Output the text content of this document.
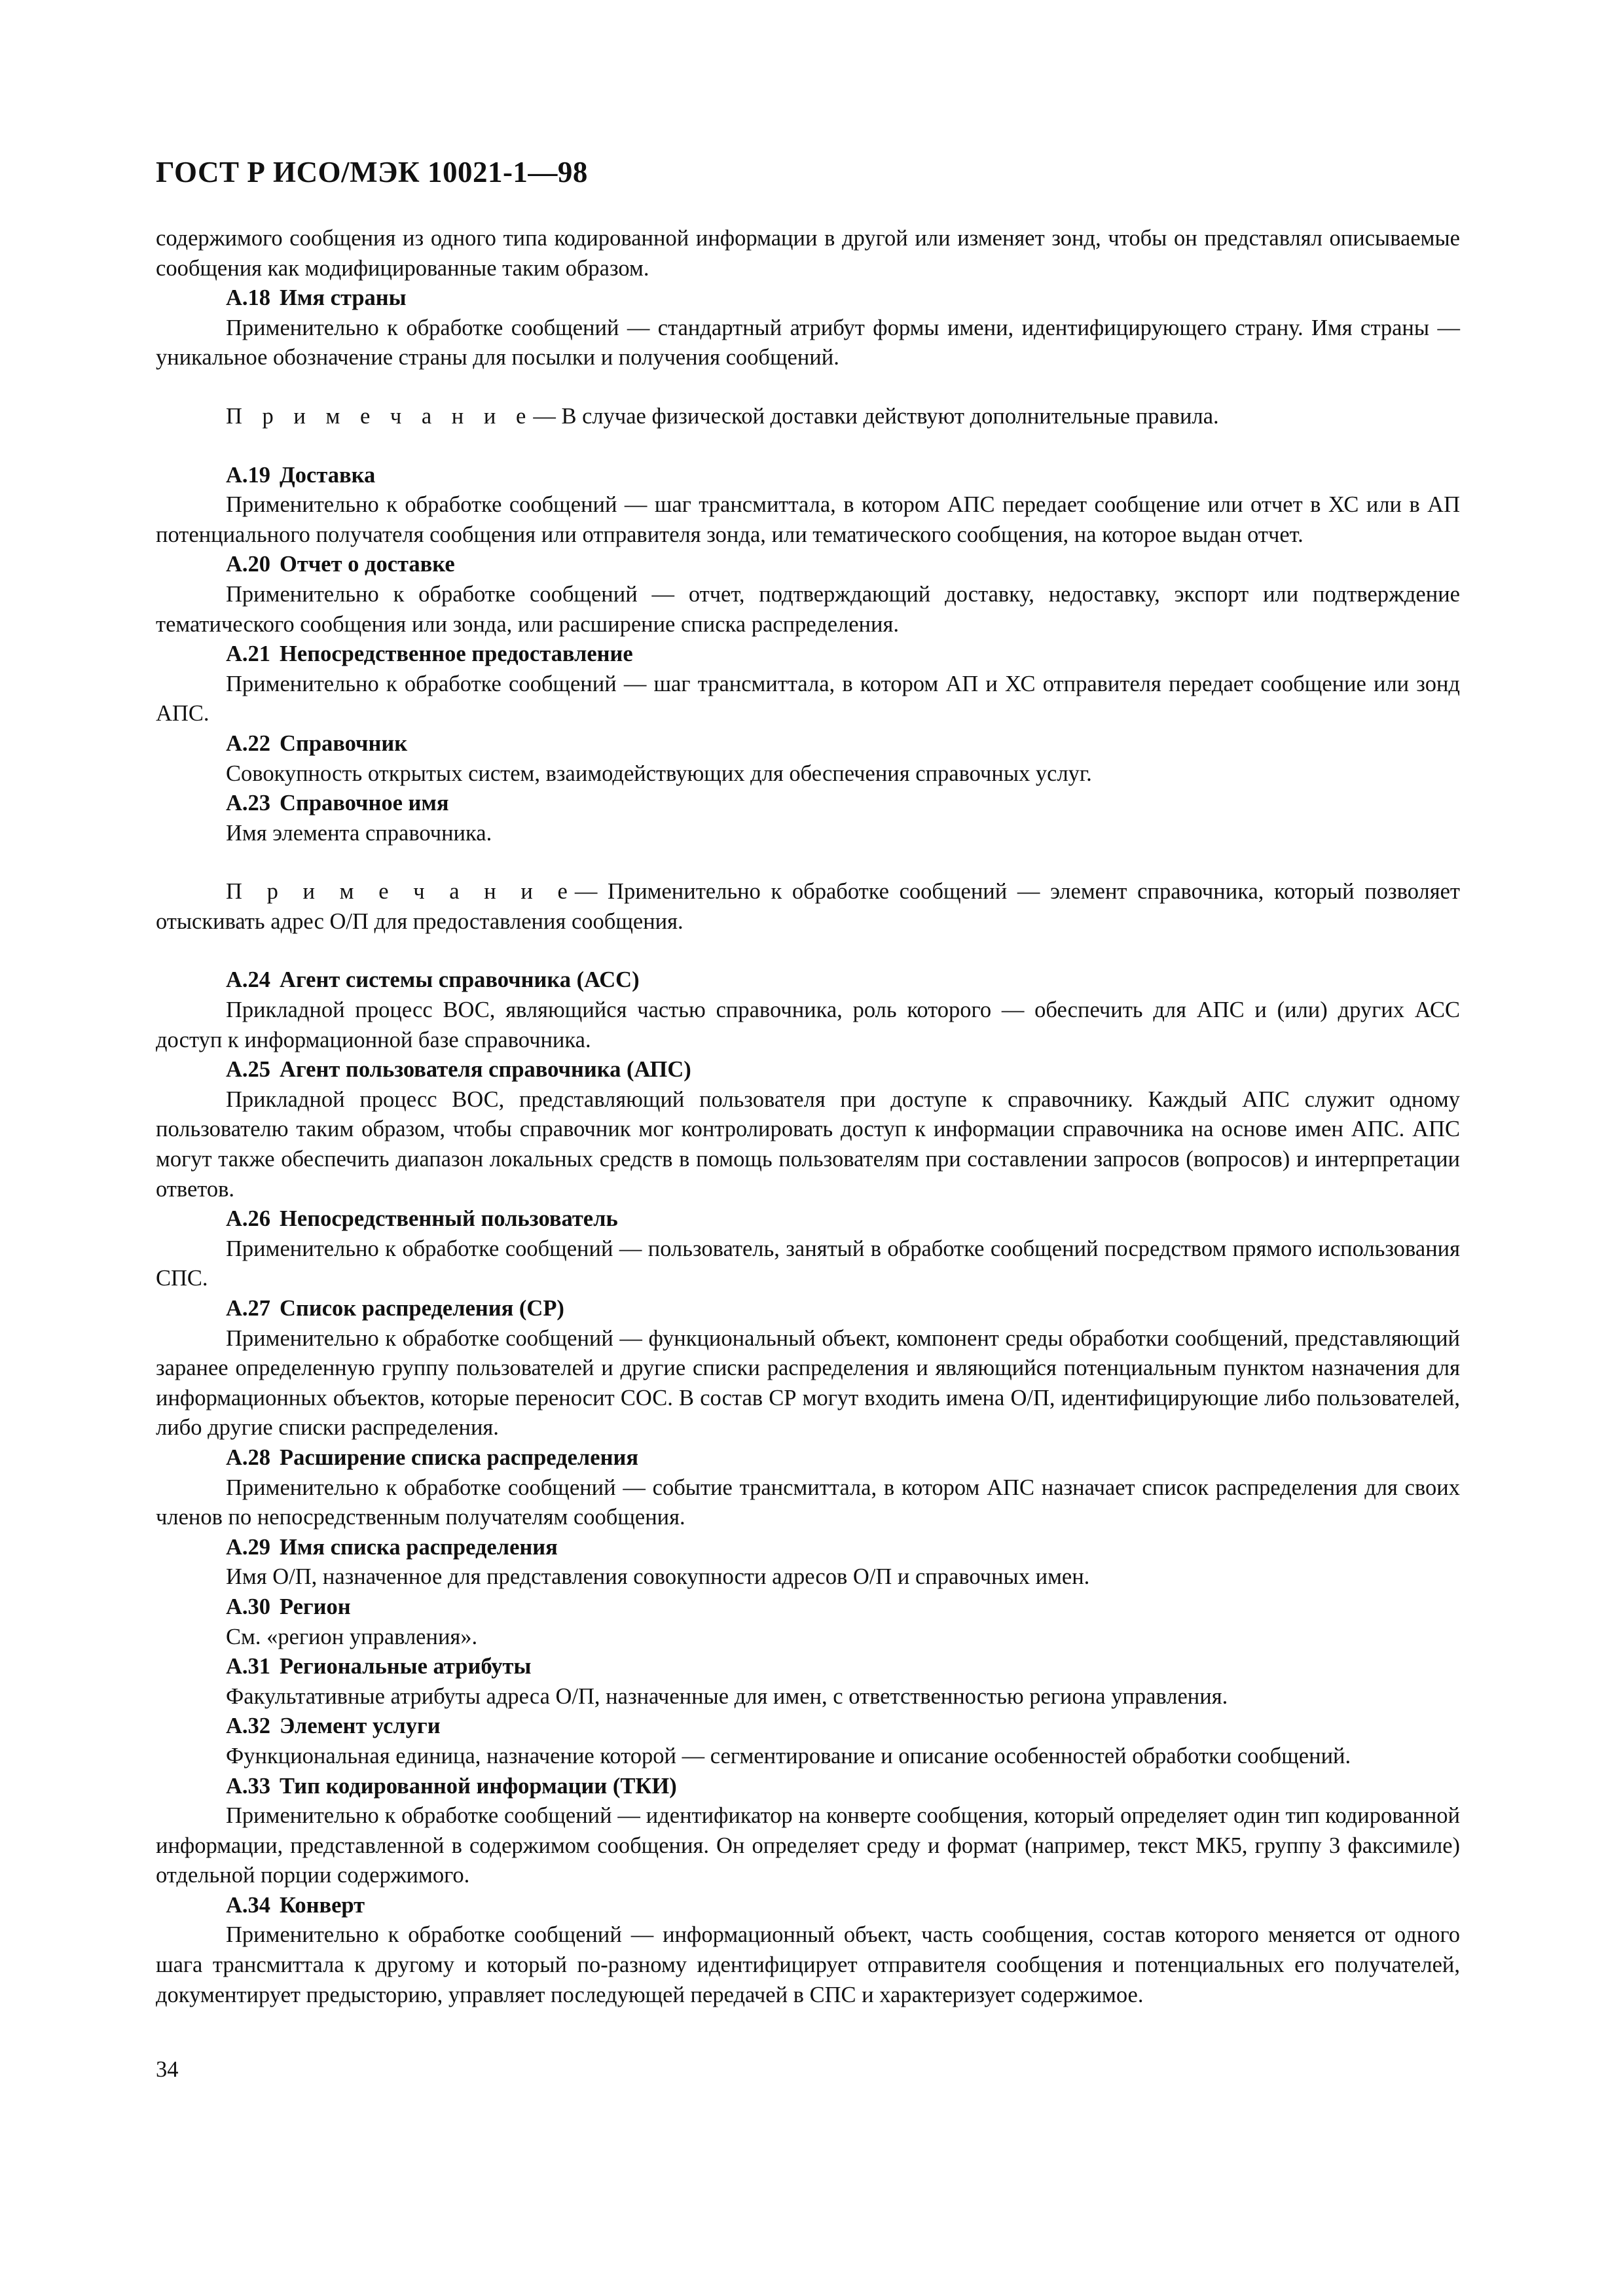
ГОСТ Р ИСО/МЭК 10021-1—98

содержимого сообщения из одного типа кодированной информации в другой или изменяет зонд, чтобы он представлял описываемые сообщения как модифицированные таким образом.

А.18 Имя страны

Применительно к обработке сообщений — стандартный атрибут формы имени, идентифицирующего страну. Имя страны — уникальное обозначение страны для посылки и получения сообщений.

П р и м е ч а н и е— В случае физической доставки действуют дополнительные правила.

А.19 Доставка

Применительно к обработке сообщений — шаг трансмиттала, в котором АПС передает сообщение или отчет в ХС или в АП потенциального получателя сообщения или отправителя зонда, или тематического сообщения, на которое выдан отчет.

А.20 Отчет о доставке

Применительно к обработке сообщений — отчет, подтверждающий доставку, недоставку, экспорт или подтверждение тематического сообщения или зонда, или расширение списка распределения.

А.21 Непосредственное предоставление

Применительно к обработке сообщений — шаг трансмиттала, в котором АП и ХС отправителя передает сообщение или зонд АПС.

А.22 Справочник

Совокупность открытых систем, взаимодействующих для обеспечения справочных услуг.

А.23 Справочное имя

Имя элемента справочника.

П р и м е ч а н и е— Применительно к обработке сообщений — элемент справочника, который позволяет отыскивать адрес О/П для предоставления сообщения.

А.24 Агент системы справочника (АСС)

Прикладной процесс ВОС, являющийся частью справочника, роль которого — обеспечить для АПС и (или) других АСС доступ к информационной базе справочника.

А.25 Агент пользователя справочника (АПС)

Прикладной процесс ВОС, представляющий пользователя при доступе к справочнику. Каждый АПС служит одному пользователю таким образом, чтобы справочник мог контролировать доступ к информации справочника на основе имен АПС. АПС могут также обеспечить диапазон локальных средств в помощь пользователям при составлении запросов (вопросов) и интерпретации ответов.

А.26 Непосредственный пользователь

Применительно к обработке сообщений — пользователь, занятый в обработке сообщений посредством прямого использования СПС.

А.27 Список распределения (СР)

Применительно к обработке сообщений — функциональный объект, компонент среды обработки сообщений, представляющий заранее определенную группу пользователей и другие списки распределения и являющийся потенциальным пунктом назначения для информационных объектов, которые переносит СОС. В состав СР могут входить имена О/П, идентифицирующие либо пользователей, либо другие списки распределения.

А.28 Расширение списка распределения

Применительно к обработке сообщений — событие трансмиттала, в котором АПС назначает список распределения для своих членов по непосредственным получателям сообщения.

А.29 Имя списка распределения

Имя О/П, назначенное для представления совокупности адресов О/П и справочных имен.

А.30 Регион

См. «регион управления».

А.31 Региональные атрибуты

Факультативные атрибуты адреса О/П, назначенные для имен, с ответственностью региона управления.

А.32 Элемент услуги

Функциональная единица, назначение которой — сегментирование и описание особенностей обработки сообщений.

А.33 Тип кодированной информации (ТКИ)

Применительно к обработке сообщений — идентификатор на конверте сообщения, который определяет один тип кодированной информации, представленной в содержимом сообщения. Он определяет среду и формат (например, текст МК5, группу 3 факсимиле) отдельной порции содержимого.

А.34 Конверт

Применительно к обработке сообщений — информационный объект, часть сообщения, состав которого меняется от одного шага трансмиттала к другому и который по-разному идентифицирует отправителя сообщения и потенциальных его получателей, документирует предысторию, управляет последующей передачей в СПС и характеризует содержимое.

34
